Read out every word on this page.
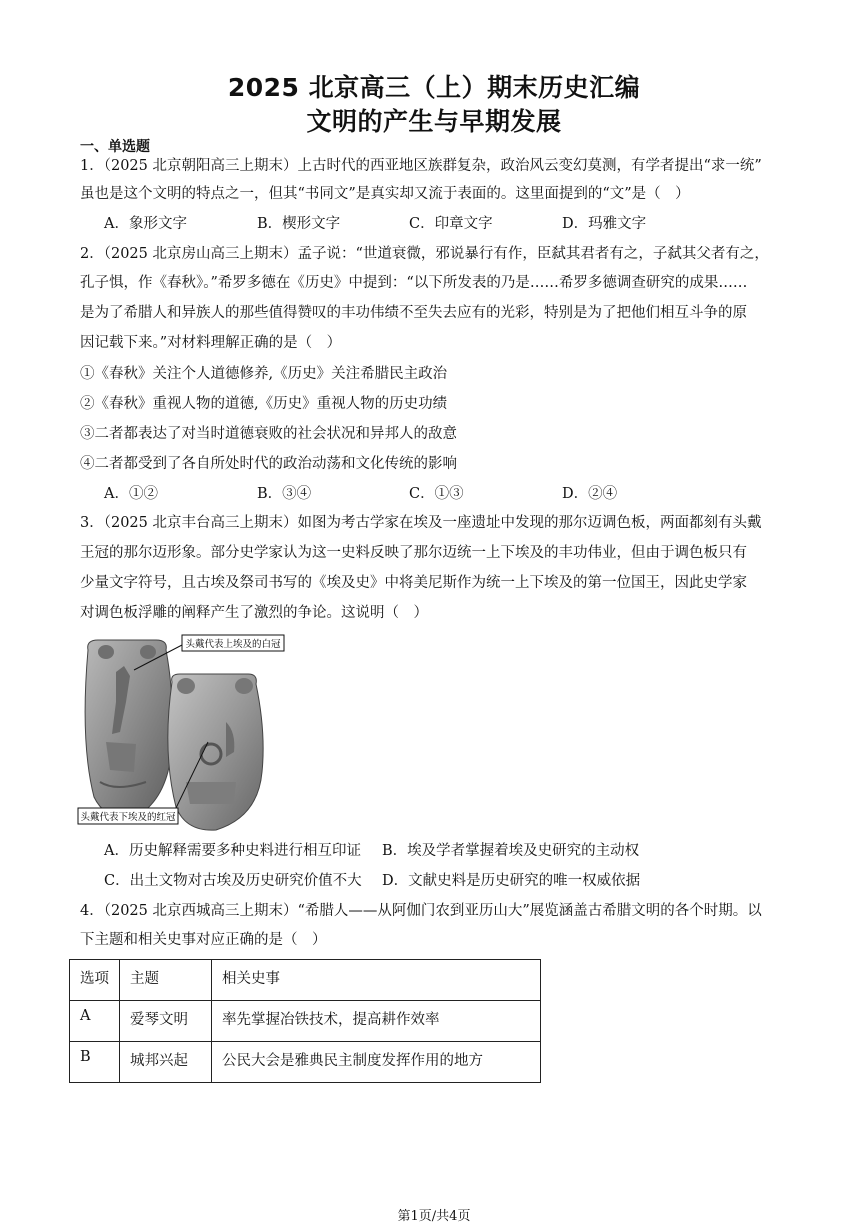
2025 北京高三（上）期末历史汇编
文明的产生与早期发展
一、单选题
1．（2025 北京朝阳高三上期末）上古时代的西亚地区族群复杂，政治风云变幻莫测，有学者提出“求一统”
虽也是这个文明的特点之一，但其“书同文”是真实却又流于表面的。这里面提到的“文”是（　）
A．象形文字	B．楔形文字	C．印章文字	D．玛雅文字
2．（2025 北京房山高三上期末）孟子说：“世道衰微，邪说暴行有作，臣弑其君者有之，子弑其父者有之，
孔子惧，作《春秋》。”希罗多德在《历史》中提到：“以下所发表的乃是……希罗多德调查研究的成果……
是为了希腊人和异族人的那些值得赞叹的丰功伟绩不至失去应有的光彩，特别是为了把他们相互斗争的原
因记载下来。”对材料理解正确的是（　）
①《春秋》关注个人道德修养,《历史》关注希腊民主政治
②《春秋》重视人物的道德,《历史》重视人物的历史功绩
③二者都表达了对当时道德衰败的社会状况和异邦人的敌意
④二者都受到了各自所处时代的政治动荡和文化传统的影响
A．①②	B．③④	C．①③	D．②④
3．（2025 北京丰台高三上期末）如图为考古学家在埃及一座遗址中发现的那尔迈调色板，两面都刻有头戴
王冠的那尔迈形象。部分史学家认为这一史料反映了那尔迈统一上下埃及的丰功伟业，但由于调色板只有
少量文字符号，且古埃及祭司书写的《埃及史》中将美尼斯作为统一上下埃及的第一位国王，因此史学家
对调色板浮雕的阐释产生了激烈的争论。这说明（　）
头戴代表上埃及的白冠
头戴代表下埃及的红冠
A．历史解释需要多种史料进行相互印证 B．埃及学者掌握着埃及史研究的主动权
C．出土文物对古埃及历史研究价值不大 D．文献史料是历史研究的唯一权威依据
4．（2025 北京西城高三上期末）“希腊人——从阿伽门农到亚历山大”展览涵盖古希腊文明的各个时期。以
下主题和相关史事对应正确的是（　）
选项	主题	相关史事
A	爱琴文明	率先掌握冶铁技术，提高耕作效率
B	城邦兴起	公民大会是雅典民主制度发挥作用的地方
第1页/共4页
